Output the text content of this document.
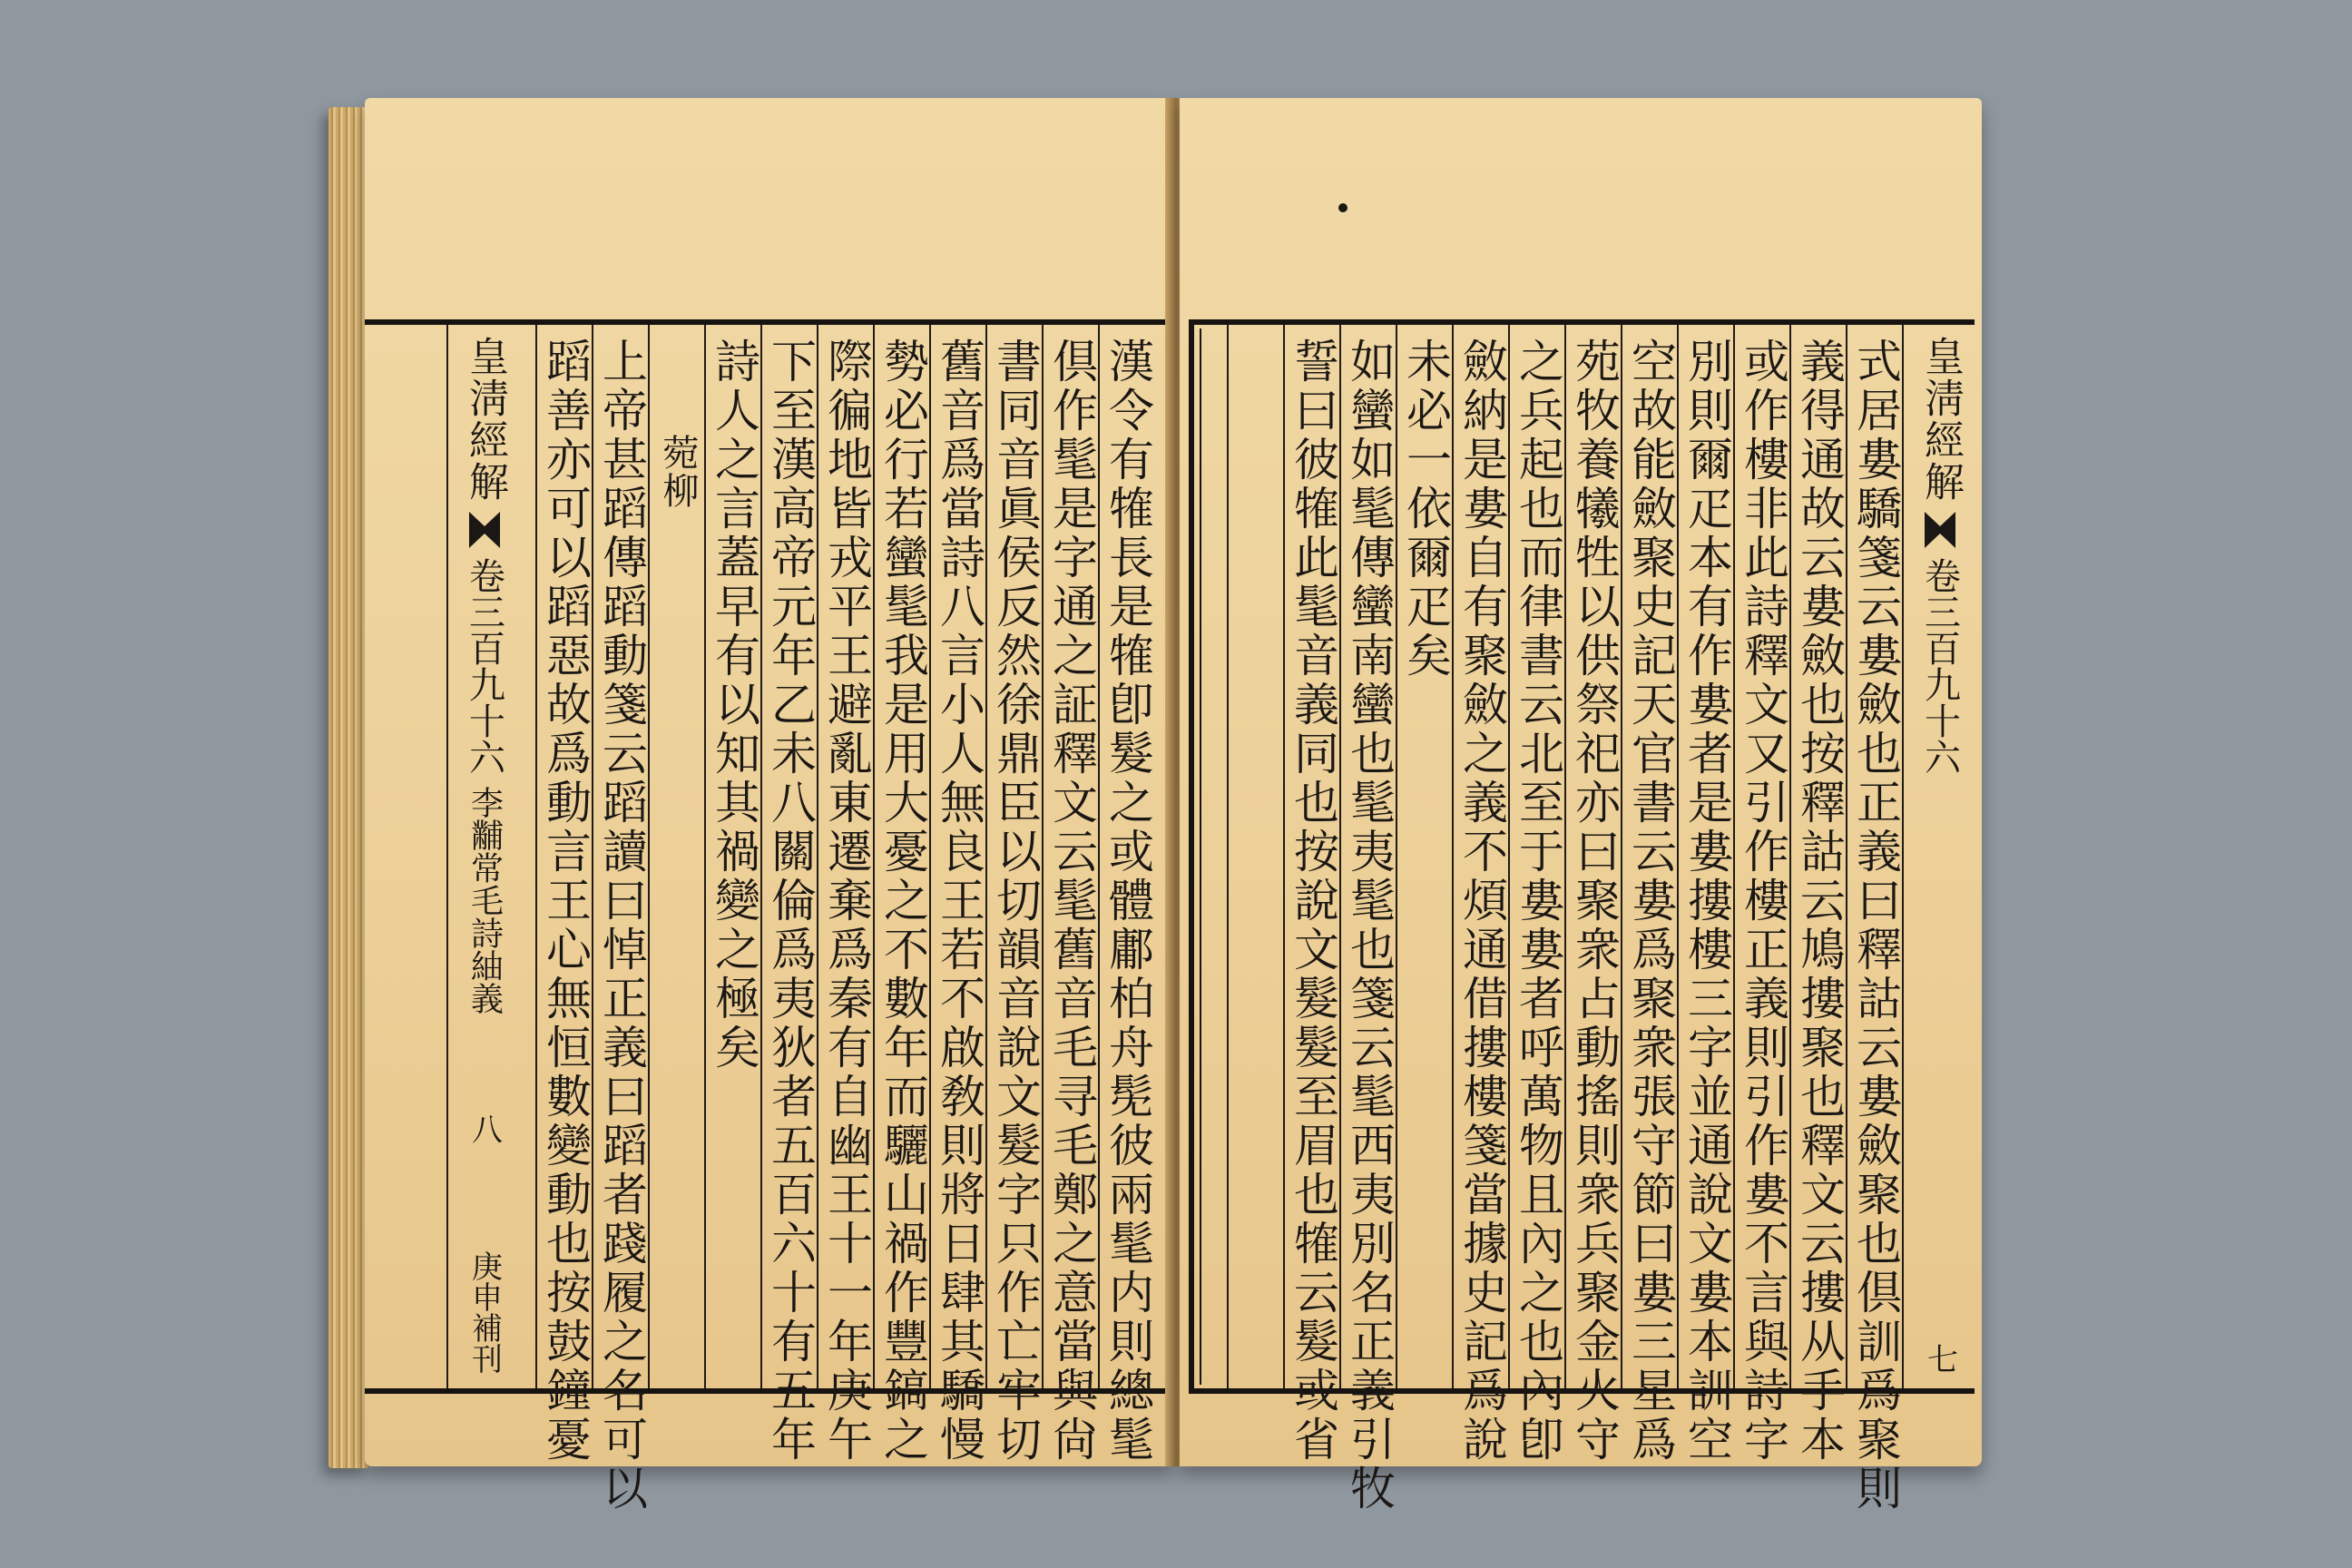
漢令有㹊長是㹊卽髮之或體鄘柏舟髧彼兩髦内則總髦
倶作髦是字通之証釋文云髦舊音毛寻毛鄭之意當與尙
書同音眞侯反然徐鼎臣以切韻音說文髮字只作亡牢切
舊音爲當詩八言小人無良王若不啟敎則將日肆其驕慢
勢必行若蠻髦我是用大憂之不數年而驪山禍作豐鎬之
際徧地皆戎平王避亂東遷棄爲秦有自幽王十一年庚午
下至漢高帝元年乙未八關倫爲夷狄者五百六十有五年
詩人之言蓋早有以知其禍變之極矣
菀柳
上帝甚蹈傳蹈動箋云蹈讀曰悼正義曰蹈者踐履之名可以
蹈善亦可以蹈惡故爲動言王心無恒數變動也按鼓鐘憂
皇淸經解
卷三百九十六
李黼常毛詩紬義
八
庚申補刊
皇淸經解
卷三百九十六
七
式居婁驕箋云婁斂也正義曰釋詁云婁斂聚也倶訓爲聚則
義得通故云婁斂也按釋詁云鳩摟聚也釋文云摟从手本
或作樓非此詩釋文又引作樓正義則引作婁不言與詩字
別則爾疋本有作婁者是婁摟樓三字並通說文婁本訓空
空故能斂聚史記天官書云婁爲聚衆張守節曰婁三星爲
苑牧養犧牲以供祭祀亦曰聚衆占動搖則衆兵聚金火守
之兵起也而律書云北至于婁婁者呼萬物且內之也內卽
斂納是婁自有聚斂之義不煩通借摟樓箋當據史記爲說
未必一依爾疋矣
如蠻如髦傳蠻南蠻也髦夷髦也箋云髦西夷別名正義引牧
誓曰彼㹊此髦音義同也按說文髮髮至眉也㹊云髮或省
